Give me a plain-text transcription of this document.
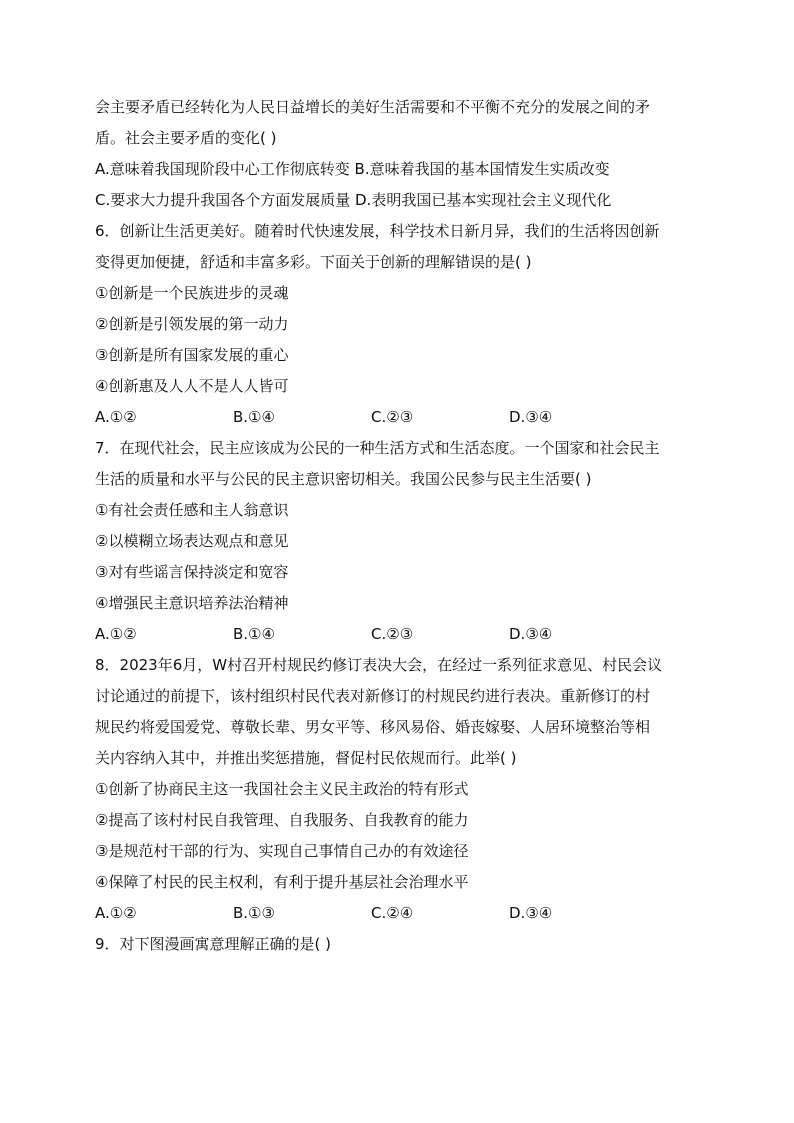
会主要矛盾已经转化为人民日益增长的美好生活需要和不平衡不充分的发展之间的矛
盾。社会主要矛盾的变化( )
A.意味着我国现阶段中心工作彻底转变 B.意味着我国的基本国情发生实质改变
C.要求大力提升我国各个方面发展质量 D.表明我国已基本实现社会主义现代化
6．创新让生活更美好。随着时代快速发展，科学技术日新月异，我们的生活将因创新
变得更加便捷，舒适和丰富多彩。下面关于创新的理解错误的是( )
①创新是一个民族进步的灵魂
②创新是引领发展的第一动力
③创新是所有国家发展的重心
④创新惠及人人不是人人皆可
A.①②	B.①④	C.②③	D.③④
7．在现代社会，民主应该成为公民的一种生活方式和生活态度。一个国家和社会民主
生活的质量和水平与公民的民主意识密切相关。我国公民参与民主生活要( )
①有社会责任感和主人翁意识
②以模糊立场表达观点和意见
③对有些谣言保持淡定和宽容
④增强民主意识培养法治精神
A.①②	B.①④	C.②③	D.③④
8．2023年6月，W村召开村规民约修订表决大会，在经过一系列征求意见、村民会议
讨论通过的前提下，该村组织村民代表对新修订的村规民约进行表决。重新修订的村
规民约将爱国爱党、尊敬长辈、男女平等、移风易俗、婚丧嫁娶、人居环境整治等相
关内容纳入其中，并推出奖惩措施，督促村民依规而行。此举( )
①创新了协商民主这一我国社会主义民主政治的特有形式
②提高了该村村民自我管理、自我服务、自我教育的能力
③是规范村干部的行为、实现自己事情自己办的有效途径
④保障了村民的民主权利，有利于提升基层社会治理水平
A.①②	B.①③	C.②④	D.③④
9．对下图漫画寓意理解正确的是( )
